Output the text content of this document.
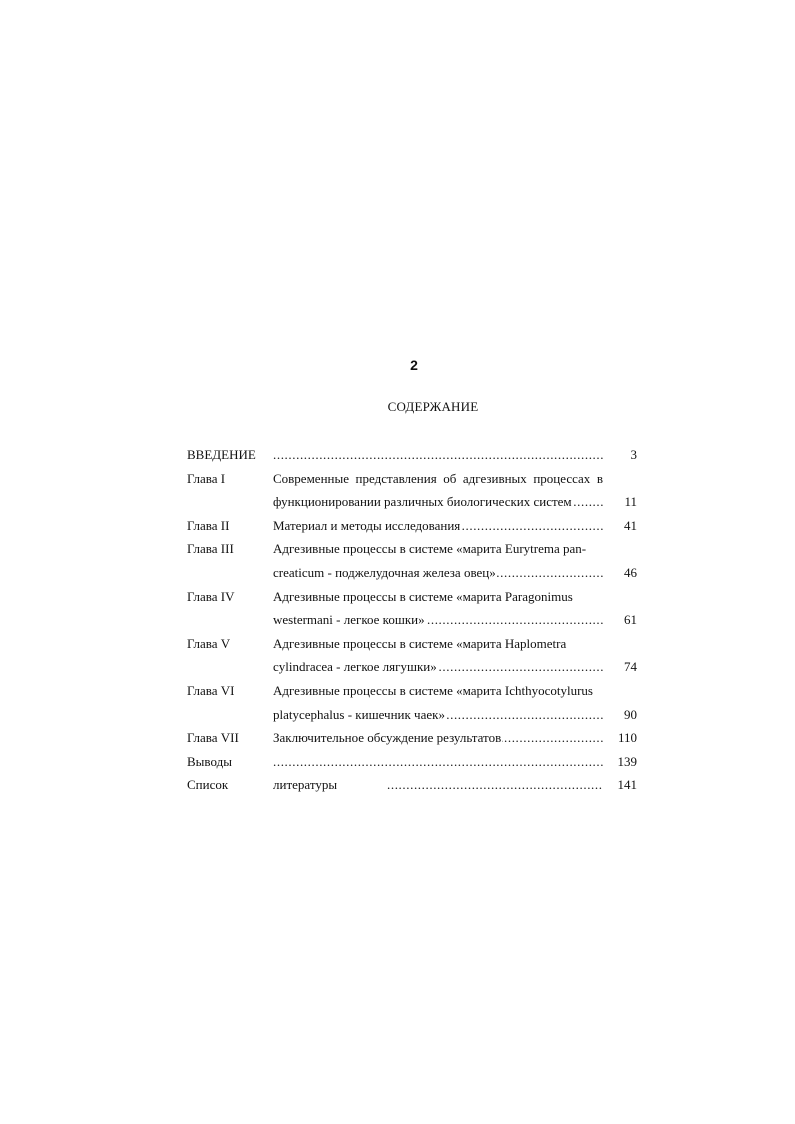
2
СОДЕРЖАНИЕ
ВВЕДЕНИЕ .....	3
Глава I	Современные представления об адгезивных процессах в
.....
функционировании различных биологических систем	11
Глава II .....	Материал и методы исследования	41
Глава III	Адгезивные процессы в системе «марита Eurytrema pan-
.....
creaticum - поджелудочная железа овец»	46
Глава IV	Адгезивные процессы в системе «марита Paragonimus
.....
westermani - легкое кошки»	61
Глава V	Адгезивные процессы в системе «марита Haplometra
.....
cylindracea - легкое лягушки»	74
Глава VI	Адгезивные процессы в системе «марита Ichthyocotylurus
.....
platycephalus - кишечник чаек»	90
Глава VII .....	Заключительное обсуждение результатов	110
Выводы .....	139
Список	литературы .....	141
